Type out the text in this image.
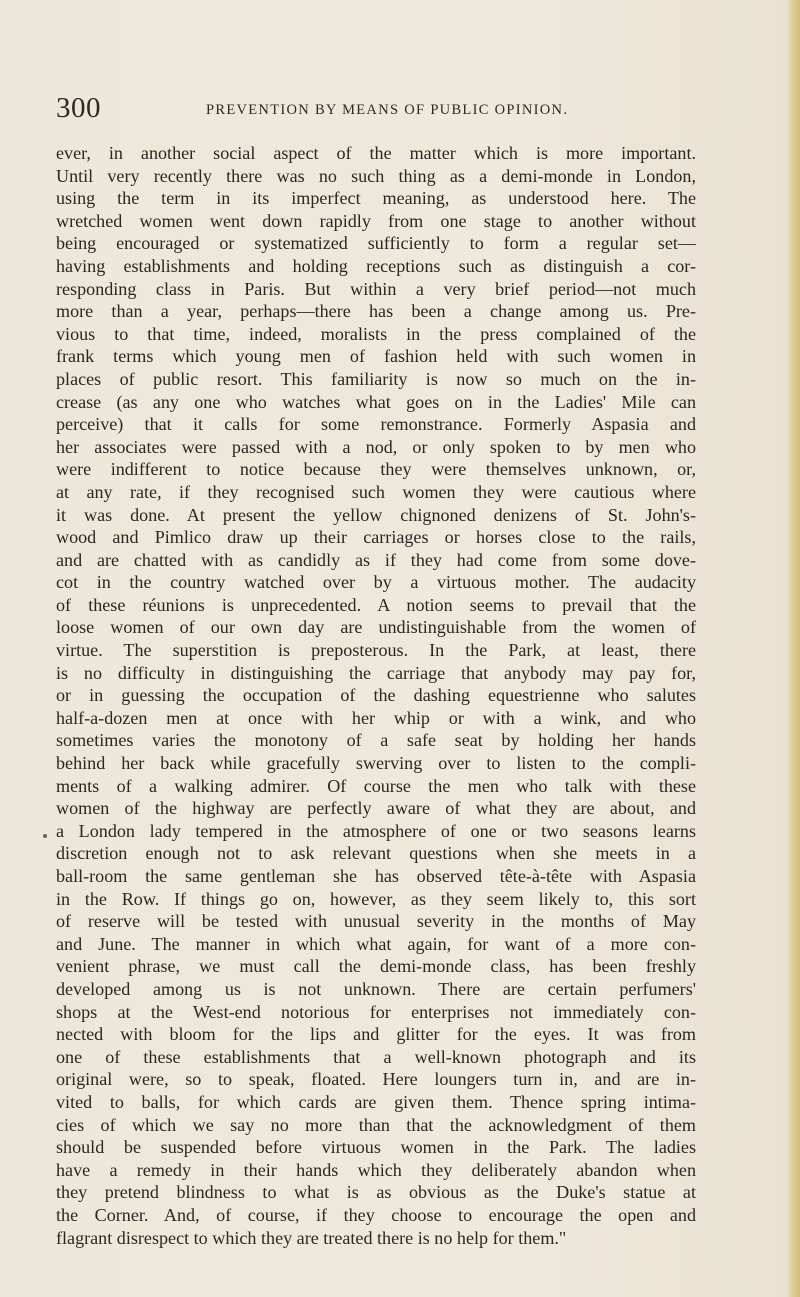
300	PREVENTION BY MEANS OF PUBLIC OPINION.
ever, in another social aspect of the matter which is more important.
Until very recently there was no such thing as a demi-monde in London,
using the term in its imperfect meaning, as understood here. The
wretched women went down rapidly from one stage to another without
being encouraged or systematized sufficiently to form a regular set—
having establishments and holding receptions such as distinguish a cor-
responding class in Paris. But within a very brief period—not much
more than a year, perhaps—there has been a change among us. Pre-
vious to that time, indeed, moralists in the press complained of the
frank terms which young men of fashion held with such women in
places of public resort. This familiarity is now so much on the in-
crease (as any one who watches what goes on in the Ladies' Mile can
perceive) that it calls for some remonstrance. Formerly Aspasia and
her associates were passed with a nod, or only spoken to by men who
were indifferent to notice because they were themselves unknown, or,
at any rate, if they recognised such women they were cautious where
it was done. At present the yellow chignoned denizens of St. John's-
wood and Pimlico draw up their carriages or horses close to the rails,
and are chatted with as candidly as if they had come from some dove-
cot in the country watched over by a virtuous mother. The audacity
of these réunions is unprecedented. A notion seems to prevail that the
loose women of our own day are undistinguishable from the women of
virtue. The superstition is preposterous. In the Park, at least, there
is no difficulty in distinguishing the carriage that anybody may pay for,
or in guessing the occupation of the dashing equestrienne who salutes
half-a-dozen men at once with her whip or with a wink, and who
sometimes varies the monotony of a safe seat by holding her hands
behind her back while gracefully swerving over to listen to the compli-
ments of a walking admirer. Of course the men who talk with these
women of the highway are perfectly aware of what they are about, and
a London lady tempered in the atmosphere of one or two seasons learns
discretion enough not to ask relevant questions when she meets in a
ball-room the same gentleman she has observed tête-à-tête with Aspasia
in the Row. If things go on, however, as they seem likely to, this sort
of reserve will be tested with unusual severity in the months of May
and June. The manner in which what again, for want of a more con-
venient phrase, we must call the demi-monde class, has been freshly
developed among us is not unknown. There are certain perfumers'
shops at the West-end notorious for enterprises not immediately con-
nected with bloom for the lips and glitter for the eyes. It was from
one of these establishments that a well-known photograph and its
original were, so to speak, floated. Here loungers turn in, and are in-
vited to balls, for which cards are given them. Thence spring intima-
cies of which we say no more than that the acknowledgment of them
should be suspended before virtuous women in the Park. The ladies
have a remedy in their hands which they deliberately abandon when
they pretend blindness to what is as obvious as the Duke's statue at
the Corner. And, of course, if they choose to encourage the open and
flagrant disrespect to which they are treated there is no help for them."
